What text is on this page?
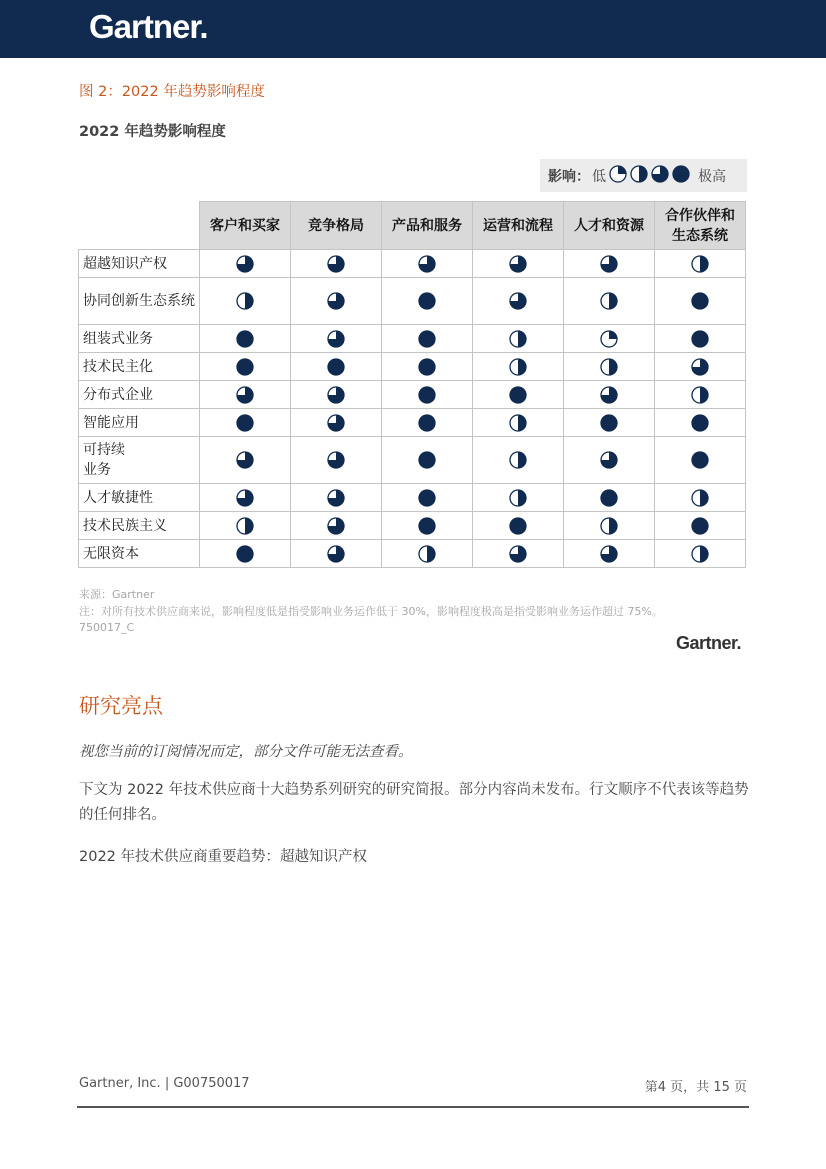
Gartner.
图 2：2022 年趋势影响程度
2022 年趋势影响程度
影响： 低	极高
	客户和买家	竞争格局	产品和服务	运营和流程	人才和资源	合作伙伴和
生态系统
超越知识产权	

协同创新生态系统	

组装式业务	

技术民主化	

分布式企业	

智能应用	

可持续
业务	

人才敏捷性	

技术民族主义	

无限资本	

来源：Gartner
注：对所有技术供应商来说，影响程度低是指受影响业务运作低于 30%，影响程度极高是指受影响业务运作超过 75%。
750017_C
Gartner.
研究亮点
视您当前的订阅情况而定，部分文件可能无法查看。
下文为 2022 年技术供应商十大趋势系列研究的研究简报。部分内容尚未发布。行文顺序不代表该等趋势的任何排名。
2022 年技术供应商重要趋势：超越知识产权
Gartner, Inc. | G00750017	第4 页，共 15 页
